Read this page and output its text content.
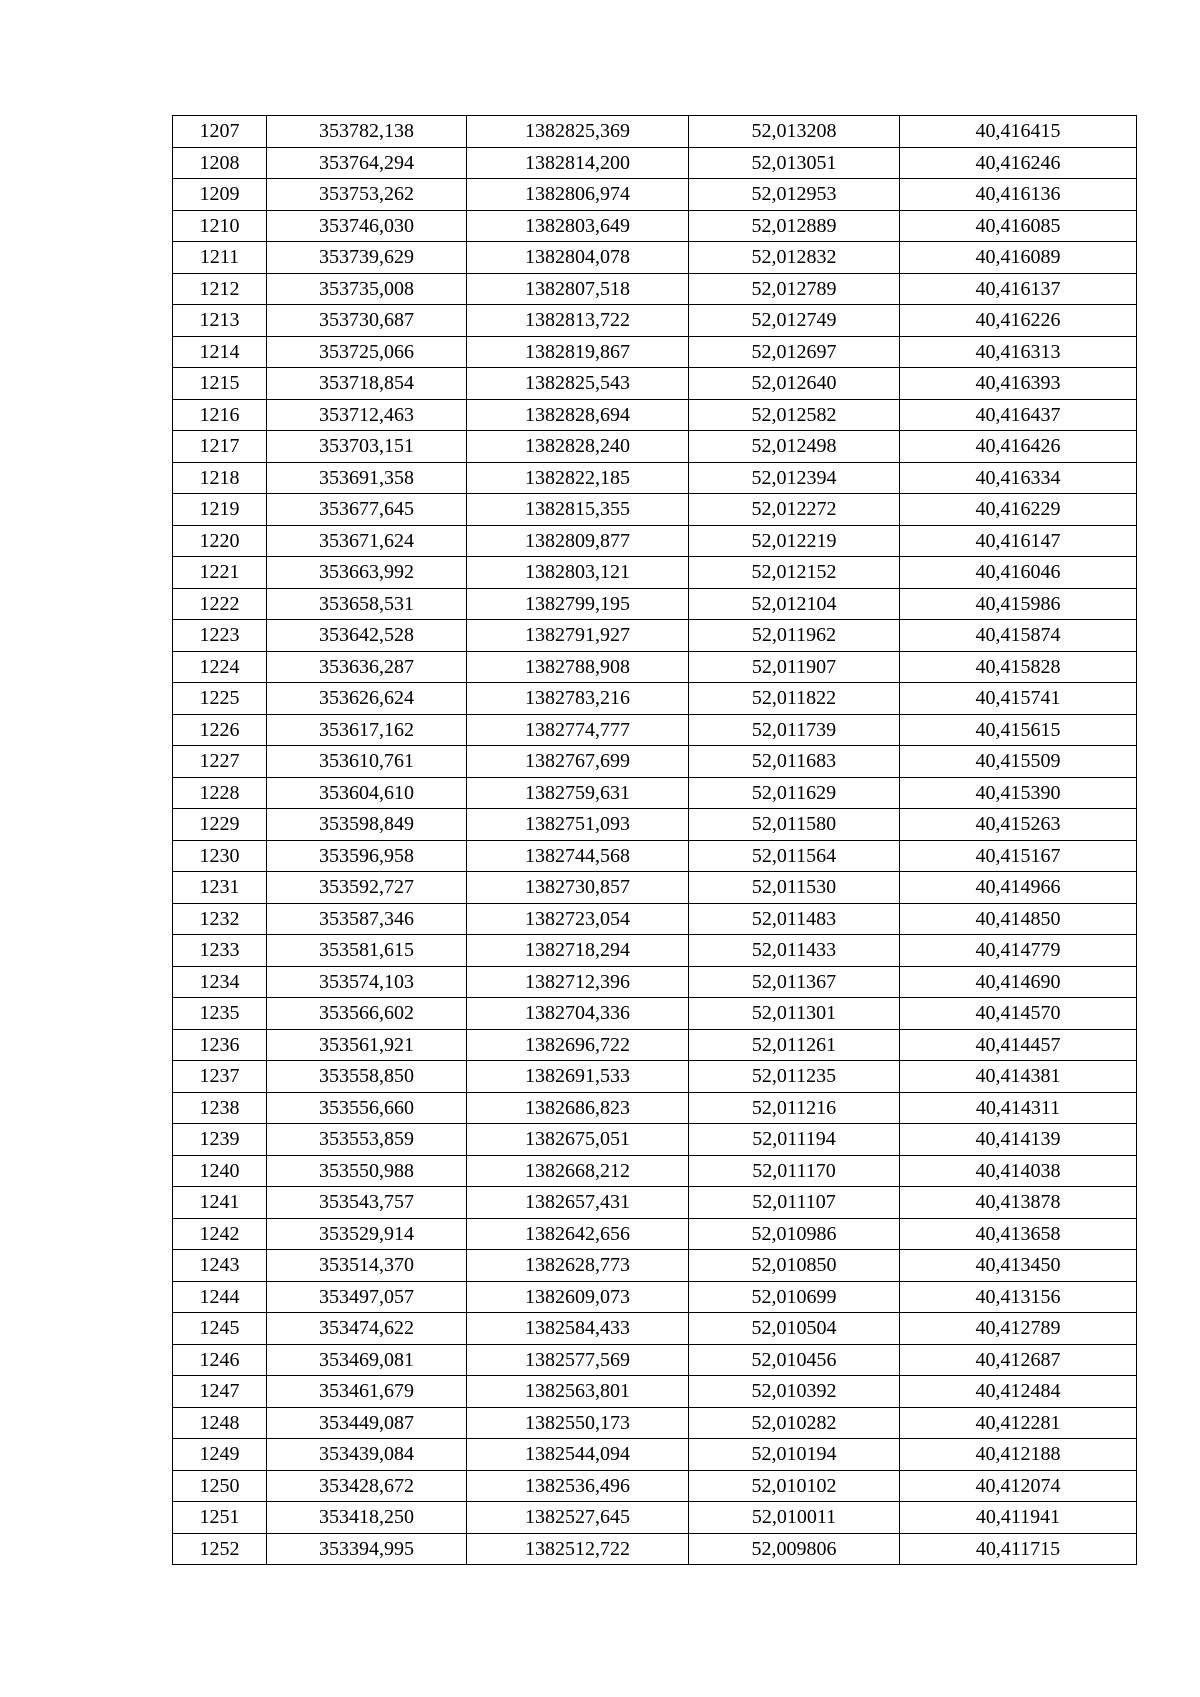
1207	353782,138	1382825,369	52,013208	40,416415
1208	353764,294	1382814,200	52,013051	40,416246
1209	353753,262	1382806,974	52,012953	40,416136
1210	353746,030	1382803,649	52,012889	40,416085
1211	353739,629	1382804,078	52,012832	40,416089
1212	353735,008	1382807,518	52,012789	40,416137
1213	353730,687	1382813,722	52,012749	40,416226
1214	353725,066	1382819,867	52,012697	40,416313
1215	353718,854	1382825,543	52,012640	40,416393
1216	353712,463	1382828,694	52,012582	40,416437
1217	353703,151	1382828,240	52,012498	40,416426
1218	353691,358	1382822,185	52,012394	40,416334
1219	353677,645	1382815,355	52,012272	40,416229
1220	353671,624	1382809,877	52,012219	40,416147
1221	353663,992	1382803,121	52,012152	40,416046
1222	353658,531	1382799,195	52,012104	40,415986
1223	353642,528	1382791,927	52,011962	40,415874
1224	353636,287	1382788,908	52,011907	40,415828
1225	353626,624	1382783,216	52,011822	40,415741
1226	353617,162	1382774,777	52,011739	40,415615
1227	353610,761	1382767,699	52,011683	40,415509
1228	353604,610	1382759,631	52,011629	40,415390
1229	353598,849	1382751,093	52,011580	40,415263
1230	353596,958	1382744,568	52,011564	40,415167
1231	353592,727	1382730,857	52,011530	40,414966
1232	353587,346	1382723,054	52,011483	40,414850
1233	353581,615	1382718,294	52,011433	40,414779
1234	353574,103	1382712,396	52,011367	40,414690
1235	353566,602	1382704,336	52,011301	40,414570
1236	353561,921	1382696,722	52,011261	40,414457
1237	353558,850	1382691,533	52,011235	40,414381
1238	353556,660	1382686,823	52,011216	40,414311
1239	353553,859	1382675,051	52,011194	40,414139
1240	353550,988	1382668,212	52,011170	40,414038
1241	353543,757	1382657,431	52,011107	40,413878
1242	353529,914	1382642,656	52,010986	40,413658
1243	353514,370	1382628,773	52,010850	40,413450
1244	353497,057	1382609,073	52,010699	40,413156
1245	353474,622	1382584,433	52,010504	40,412789
1246	353469,081	1382577,569	52,010456	40,412687
1247	353461,679	1382563,801	52,010392	40,412484
1248	353449,087	1382550,173	52,010282	40,412281
1249	353439,084	1382544,094	52,010194	40,412188
1250	353428,672	1382536,496	52,010102	40,412074
1251	353418,250	1382527,645	52,010011	40,411941
1252	353394,995	1382512,722	52,009806	40,411715
